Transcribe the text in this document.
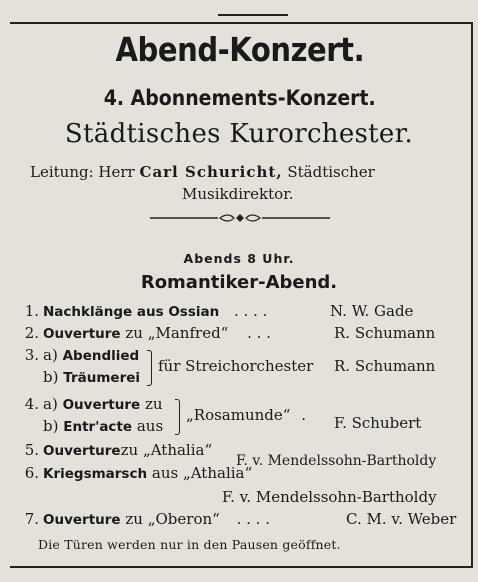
Abend-Konzert.
4. Abonnements-Konzert.
Städtisches Kurorchester.
Leitung: Herr Carl Schuricht, Städtischer
Musikdirektor.
Abends 8 Uhr.
Romantiker-Abend.
1. Nachklänge aus Ossian . . . .	N. W. Gade
2. Ouverture zu „Manfred“ . . .	R. Schumann
3. a) Abendlied
b) Träumerei
für Streichorchester R. Schumann
4. a) Ouverture zu
b) Entr'acte aus
„Rosamunde“ . F. Schubert
5. Ouverturezu „Athalia“
F. v. Mendelssohn-Bartholdy
6. Kriegsmarsch aus „Athalia“
F. v. Mendelssohn-Bartholdy
7. Ouverture zu „Oberon“ . . . .	C. M. v. Weber
Die Türen werden nur in den Pausen geöffnet.
